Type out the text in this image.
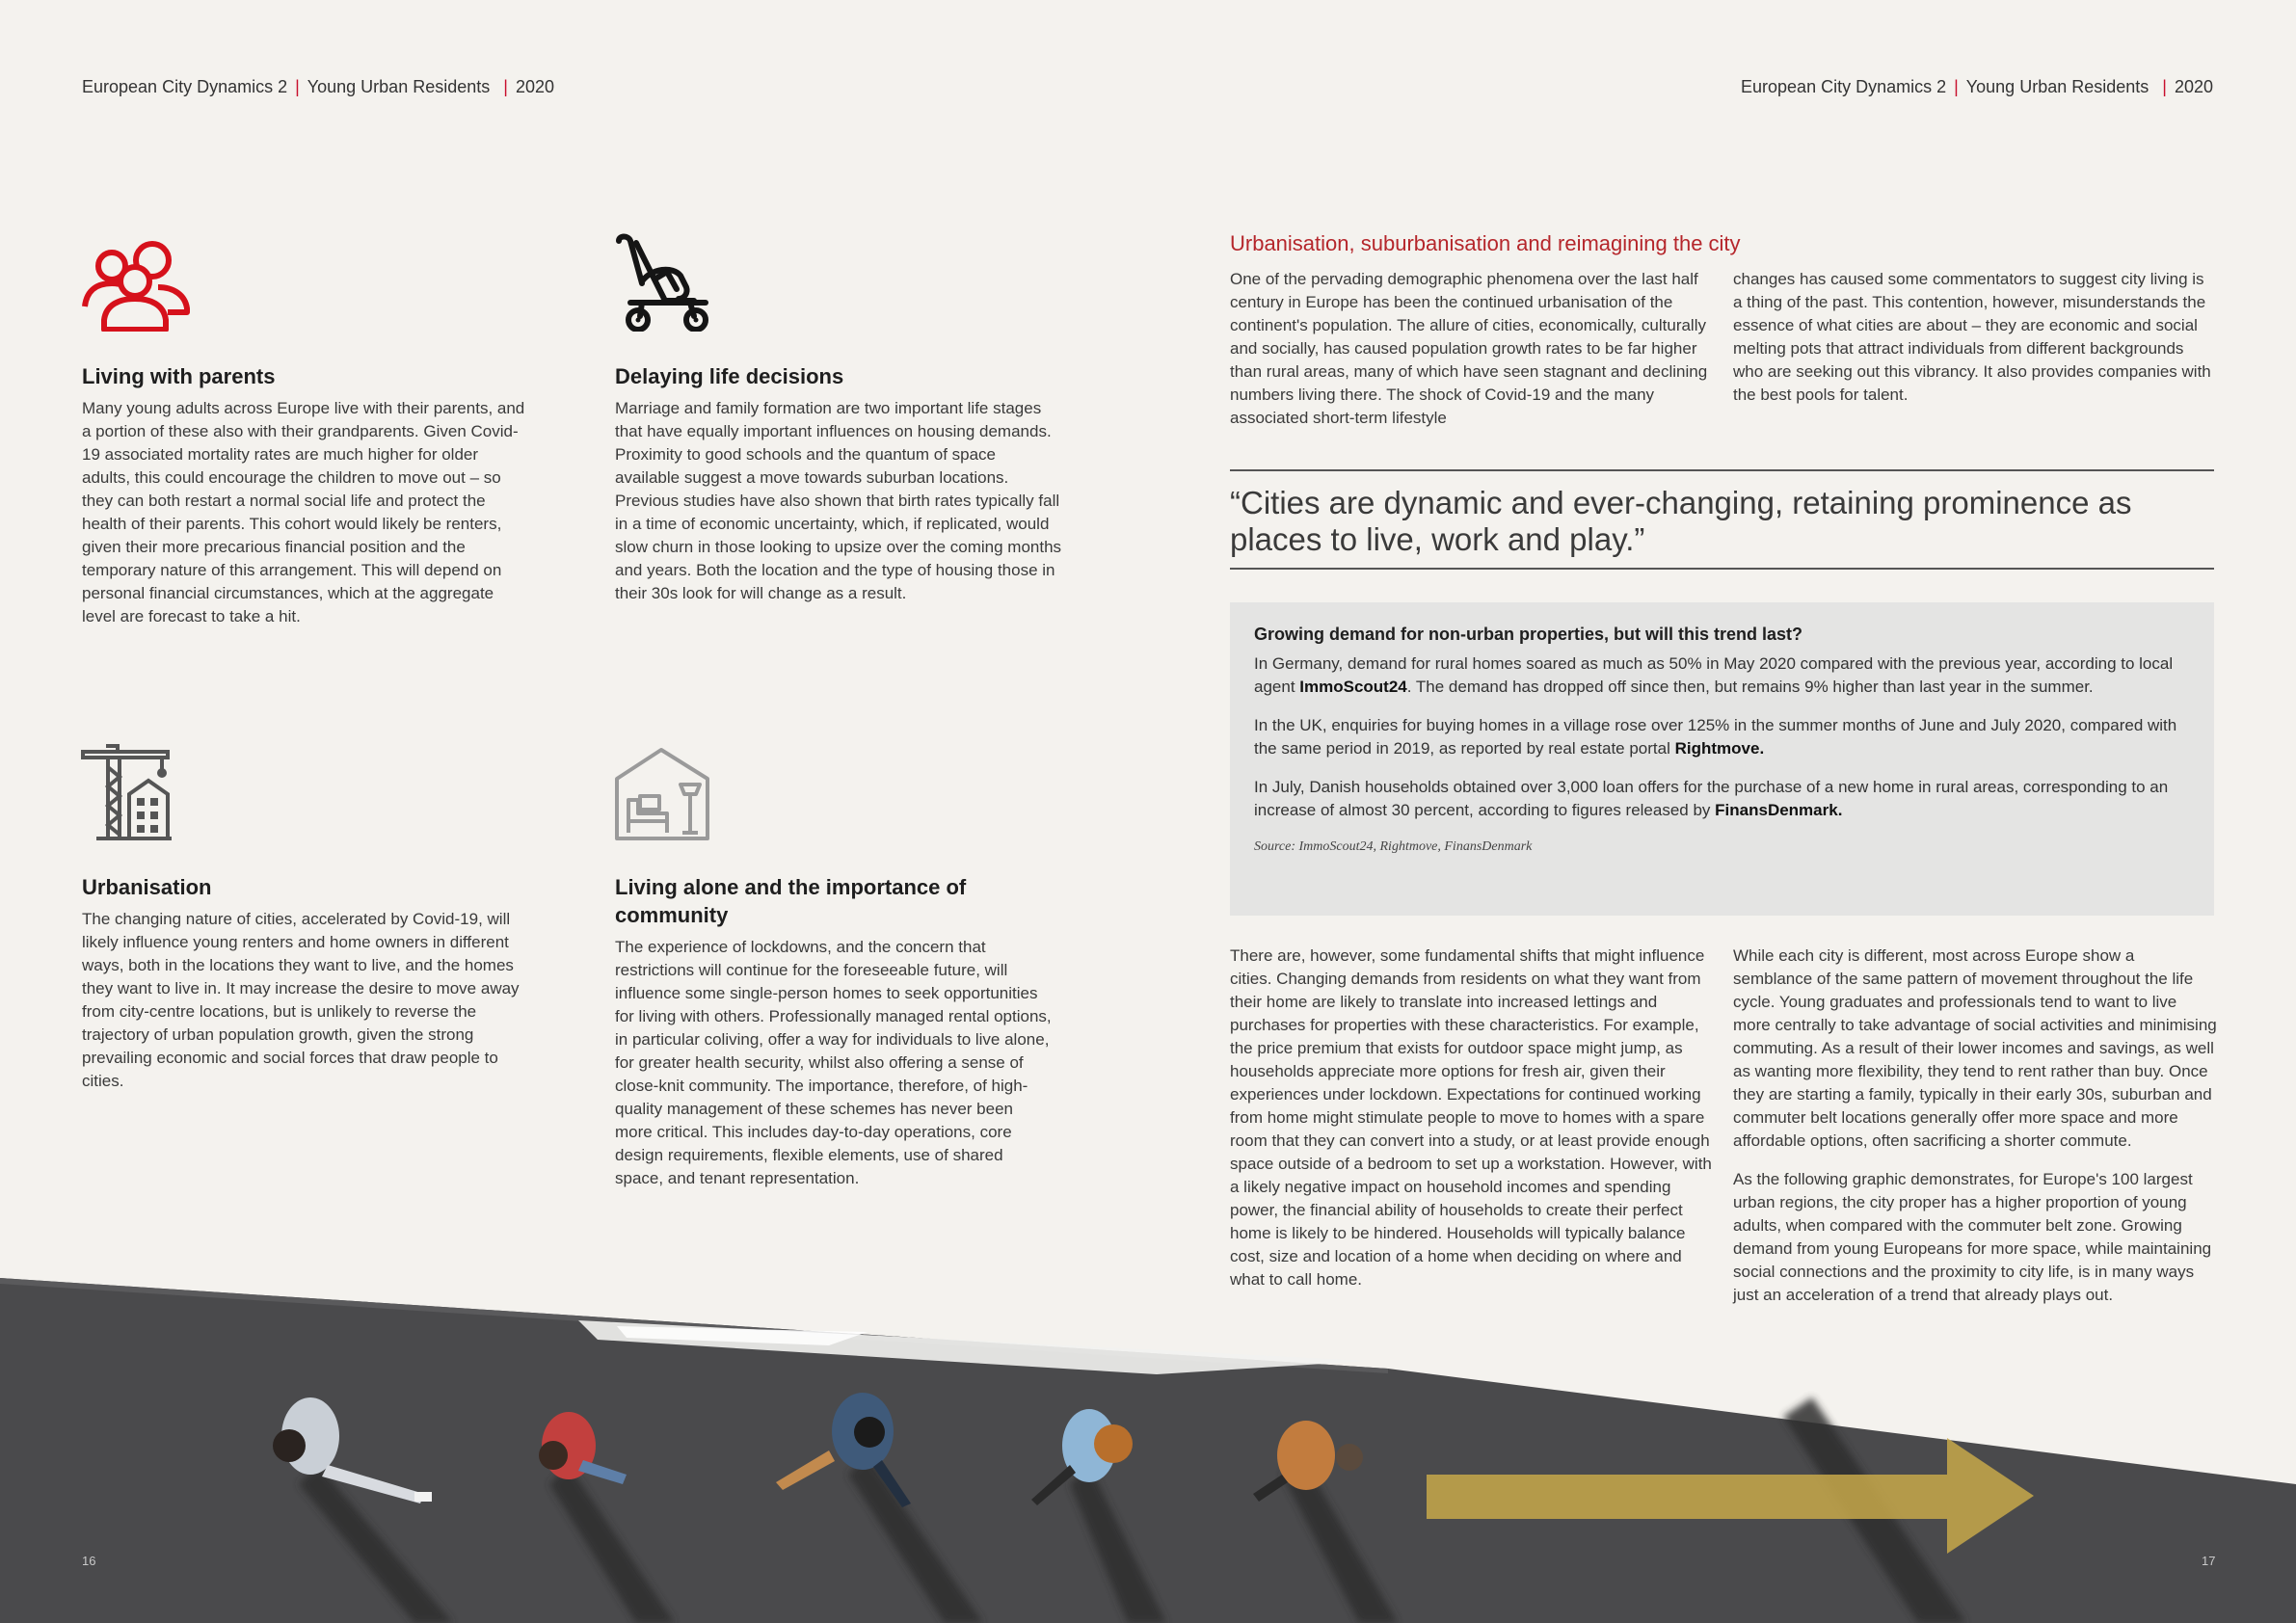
European City Dynamics 2 | Young Urban Residents | 2020	European City Dynamics 2 | Young Urban Residents | 2020
Living with parents

Many young adults across Europe live with their parents, and a portion of these also with their grandparents. Given Covid-19 associated mortality rates are much higher for older adults, this could encourage the children to move out – so they can both restart a normal social life and protect the health of their parents. This cohort would likely be renters, given their more precarious financial position and the temporary nature of this arrangement. This will depend on personal financial circumstances, which at the aggregate level are forecast to take a hit.

Delaying life decisions

Marriage and family formation are two important life stages that have equally important influences on housing demands. Proximity to good schools and the quantum of space available suggest a move towards suburban locations. Previous studies have also shown that birth rates typically fall in a time of economic uncertainty, which, if replicated, would slow churn in those looking to upsize over the coming months and years. Both the location and the type of housing those in their 30s look for will change as a result.

Urbanisation

The changing nature of cities, accelerated by Covid-19, will likely influence young renters and home owners in different ways, both in the locations they want to live, and the homes they want to live in. It may increase the desire to move away from city-centre locations, but is unlikely to reverse the trajectory of urban population growth, given the strong prevailing economic and social forces that draw people to cities.

Living alone and the importance of community

The experience of lockdowns, and the concern that restrictions will continue for the foreseeable future, will influence some single-person homes to seek opportunities for living with others. Professionally managed rental options, in particular coliving, offer a way for individuals to live alone, for greater health security, whilst also offering a sense of close-knit community. The importance, therefore, of high-quality management of these schemes has never been more critical. This includes day-to-day operations, core design requirements, flexible elements, use of shared space, and tenant representation.

Urbanisation, suburbanisation and reimagining the city

One of the pervading demographic phenomena over the last half century in Europe has been the continued urbanisation of the continent's population. The allure of cities, economically, culturally and socially, has caused population growth rates to be far higher than rural areas, many of which have seen stagnant and declining numbers living there. The shock of Covid-19 and the many associated short-term lifestyle

changes has caused some commentators to suggest city living is a thing of the past. This contention, however, misunderstands the essence of what cities are about – they are economic and social melting pots that attract individuals from different backgrounds who are seeking out this vibrancy. It also provides companies with the best pools for talent.

“Cities are dynamic and ever-changing, retaining prominence as places to live, work and play.”

Growing demand for non-urban properties, but will this trend last?

In Germany, demand for rural homes soared as much as 50% in May 2020 compared with the previous year, according to local agent ImmoScout24. The demand has dropped off since then, but remains 9% higher than last year in the summer.

In the UK, enquiries for buying homes in a village rose over 125% in the summer months of June and July 2020, compared with the same period in 2019, as reported by real estate portal Rightmove.

In July, Danish households obtained over 3,000 loan offers for the purchase of a new home in rural areas, corresponding to an increase of almost 30 percent, according to figures released by FinansDenmark.

Source: ImmoScout24, Rightmove, FinansDenmark

There are, however, some fundamental shifts that might influence cities. Changing demands from residents on what they want from their home are likely to translate into increased lettings and purchases for properties with these characteristics. For example, the price premium that exists for outdoor space might jump, as households appreciate more options for fresh air, given their experiences under lockdown. Expectations for continued working from home might stimulate people to move to homes with a spare room that they can convert into a study, or at least provide enough space outside of a bedroom to set up a workstation. However, with a likely negative impact on household incomes and spending power, the financial ability of households to create their perfect home is likely to be hindered. Households will typically balance cost, size and location of a home when deciding on where and what to call home.

While each city is different, most across Europe show a semblance of the same pattern of movement throughout the life cycle. Young graduates and professionals tend to want to live more centrally to take advantage of social activities and minimising commuting. As a result of their lower incomes and savings, as well as wanting more flexibility, they tend to rent rather than buy. Once they are starting a family, typically in their early 30s, suburban and commuter belt locations generally offer more space and more affordable options, often sacrificing a shorter commute.

As the following graphic demonstrates, for Europe's 100 largest urban regions, the city proper has a higher proportion of young adults, when compared with the commuter belt zone. Growing demand from young Europeans for more space, while maintaining social connections and the proximity to city life, is in many ways just an acceleration of a trend that already plays out.

16	17
